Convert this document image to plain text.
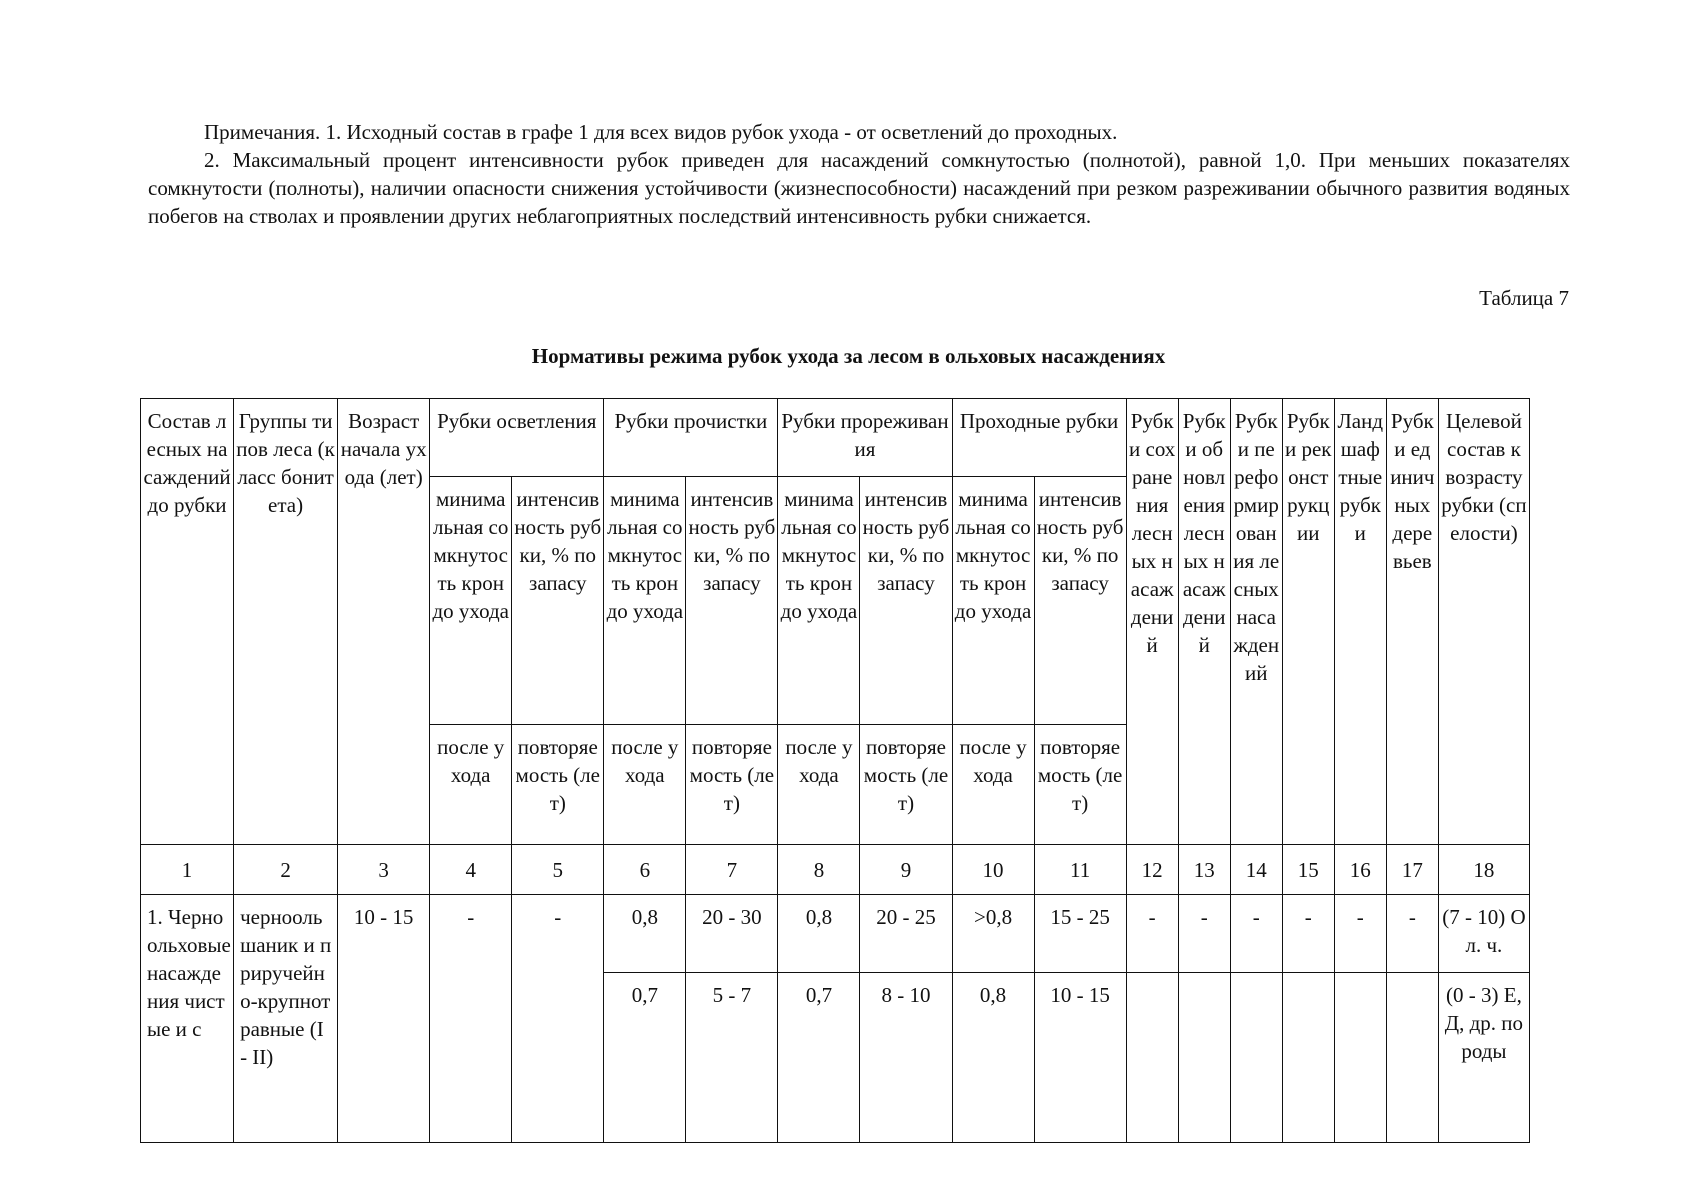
Примечания. 1. Исходный состав в графе 1 для всех видов рубок ухода - от осветлений до проходных.
2. Максимальный процент интенсивности рубок приведен для насаждений сомкнутостью (полнотой), равной 1,0. При меньших показателях сомкнутости (полноты), наличии опасности снижения устойчивости (жизнеспособности) насаждений при резком разреживании обычного развития водяных побегов на стволах и проявлении других неблагоприятных последствий интенсивность рубки снижается.
Таблица 7
Нормативы режима рубок ухода за лесом в ольховых насаждениях
Состав лесных насаждений до рубки	Группы типов леса (класс бонитета)	Возраст начала ухода (лет)	Рубки осветления		Рубки прочистки		Рубки прореживания		Проходные рубки		Рубки сохранения лесных насаждений	Рубки обновления лесных насаждений	Рубки переформирования лесных насаждений	Рубки реконструкции	Ландшафтные рубки	Рубки единичных деревьев	Целевой состав к возрасту рубки (спелости)
			минимальная сомкнутость крон до ухода	интенсивность рубки, % по запасу	минимальная сомкнутость крон до ухода	интенсивность рубки, % по запасу	минимальная сомкнутость крон до ухода	интенсивность рубки, % по запасу	минимальная сомкнутость крон до ухода	интенсивность рубки, % по запасу							
			после ухода	повторяемость (лет)	после ухода	повторяемость (лет)	после ухода	повторяемость (лет)	после ухода	повторяемость (лет)							
1	2	3	4	5	6	7	8	9	10	11	12	13	14	15	16	17	18
1. Черноольховые насаждения чистые и с	черноольшаник и приручейно-крупнотравные (I - II)	10 - 15	-	-	0,8	20 - 30	0,8	20 - 25	>0,8	15 - 25	-	-	-	-	-	-	(7 - 10) Ол. ч.
					0,7	5 - 7	0,7	8 - 10	0,8	10 - 15							(0 - 3) Е, Д, др. породы
